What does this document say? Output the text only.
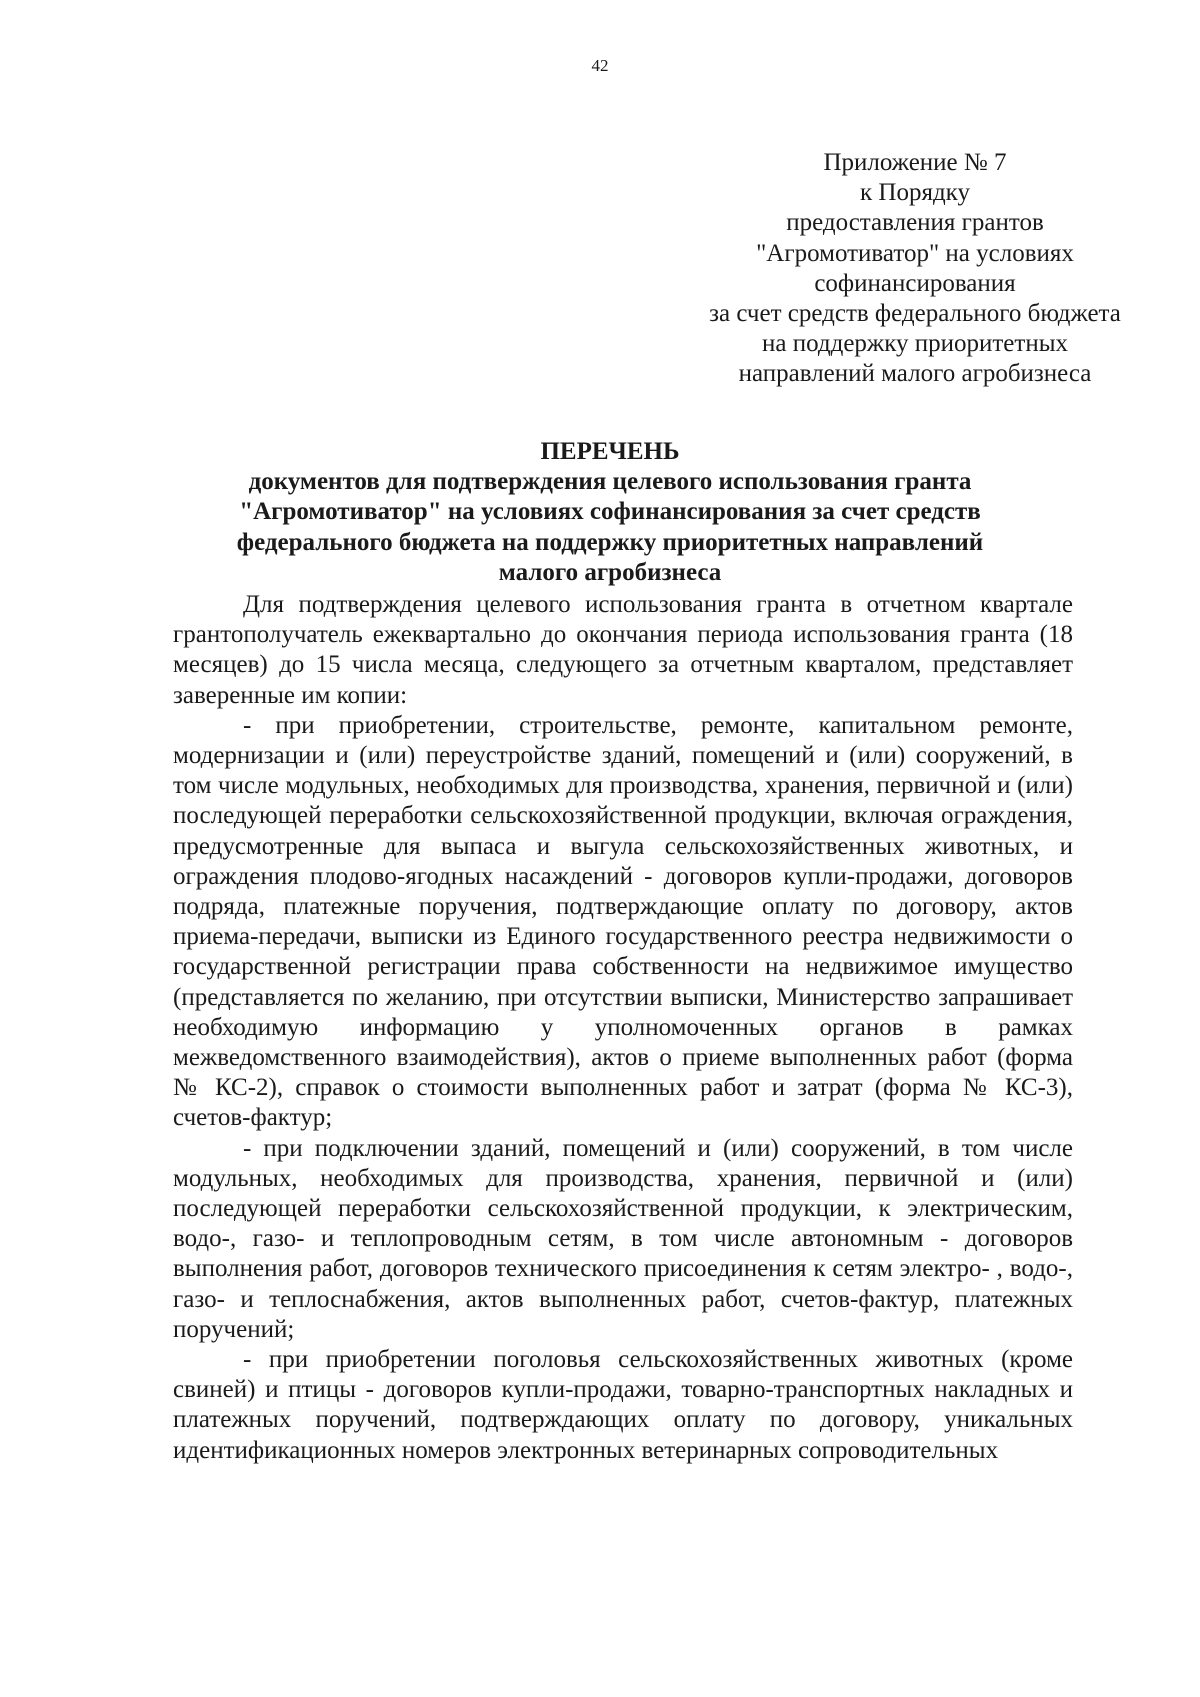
42
Приложение № 7
к Порядку
предоставления грантов
"Агромотиватор" на условиях
софинансирования
за счет средств федерального бюджета
на поддержку приоритетных
направлений малого агробизнеса
ПЕРЕЧЕНЬ
документов для подтверждения целевого использования гранта
"Агромотиватор" на условиях софинансирования за счет средств
федерального бюджета на поддержку приоритетных направлений
малого агробизнеса

Для подтверждения целевого использования гранта в отчетном квартале грантополучатель ежеквартально до окончания периода использования гранта (18 месяцев) до 15 числа месяца, следующего за отчетным кварталом, представляет заверенные им копии:

- при приобретении, строительстве, ремонте, капитальном ремонте, модернизации и (или) переустройстве зданий, помещений и (или) сооружений, в том числе модульных, необходимых для производства, хранения, первичной и (или) последующей переработки сельскохозяйственной продукции, включая ограждения, предусмотренные для выпаса и выгула сельскохозяйственных животных, и ограждения плодово-ягодных насаждений - договоров купли-продажи, договоров подряда, платежные поручения, подтверждающие оплату по договору, актов приема-передачи, выписки из Единого государственного реестра недвижимости о государственной регистрации права собственности на недвижимое имущество (представляется по желанию, при отсутствии выписки, Министерство запрашивает необходимую информацию у уполномоченных органов в рамках межведомственного взаимодействия), актов о приеме выполненных работ (форма № КС-2), справок о стоимости выполненных работ и затрат (форма № КС-3), счетов-фактур;

- при подключении зданий, помещений и (или) сооружений, в том числе модульных, необходимых для производства, хранения, первичной и (или) последующей переработки сельскохозяйственной продукции, к электрическим, водо-, газо- и теплопроводным сетям, в том числе автономным - договоров выполнения работ, договоров технического присоединения к сетям электро- , водо-, газо- и теплоснабжения, актов выполненных работ, счетов-фактур, платежных поручений;

- при приобретении поголовья сельскохозяйственных животных (кроме свиней) и птицы - договоров купли-продажи, товарно-транспортных накладных и платежных поручений, подтверждающих оплату по договору, уникальных идентификационных номеров электронных ветеринарных сопроводительных
